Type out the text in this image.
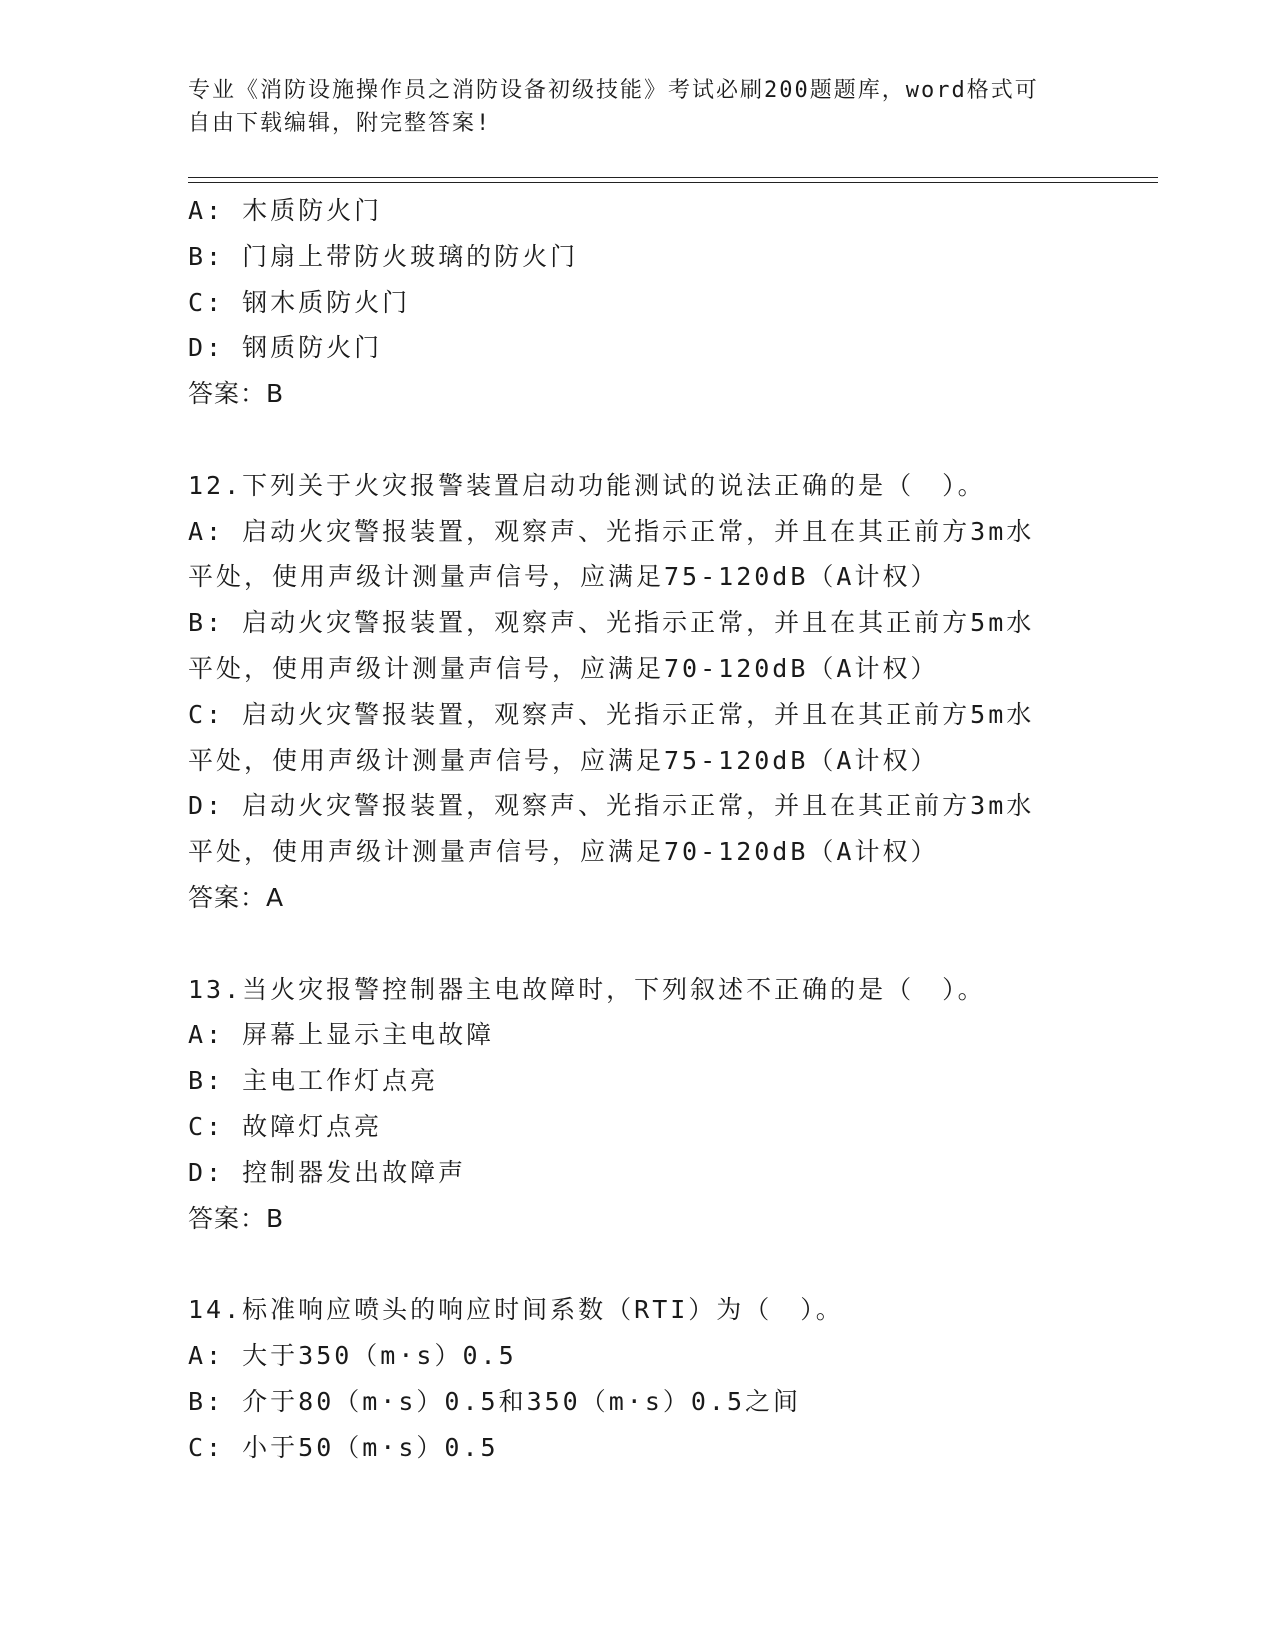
专业《消防设施操作员之消防设备初级技能》考试必刷200题题库，word格式可
自由下载编辑，附完整答案!
A: 木质防火门
B: 门扇上带防火玻璃的防火门
C: 钢木质防火门
D: 钢质防火门
答案：B
12.下列关于火灾报警装置启动功能测试的说法正确的是（　）。
A: 启动火灾警报装置，观察声、光指示正常，并且在其正前方3m水
平处，使用声级计测量声信号，应满足75-120dB（A计权）
B: 启动火灾警报装置，观察声、光指示正常，并且在其正前方5m水
平处，使用声级计测量声信号，应满足70-120dB（A计权）
C: 启动火灾警报装置，观察声、光指示正常，并且在其正前方5m水
平处，使用声级计测量声信号，应满足75-120dB（A计权）
D: 启动火灾警报装置，观察声、光指示正常，并且在其正前方3m水
平处，使用声级计测量声信号，应满足70-120dB（A计权）
答案：A
13.当火灾报警控制器主电故障时，下列叙述不正确的是（　）。
A: 屏幕上显示主电故障
B: 主电工作灯点亮
C: 故障灯点亮
D: 控制器发出故障声
答案：B
14.标准响应喷头的响应时间系数（RTI）为（　）。
A: 大于350（m·s）0.5
B: 介于80（m·s）0.5和350（m·s）0.5之间
C: 小于50（m·s）0.5
